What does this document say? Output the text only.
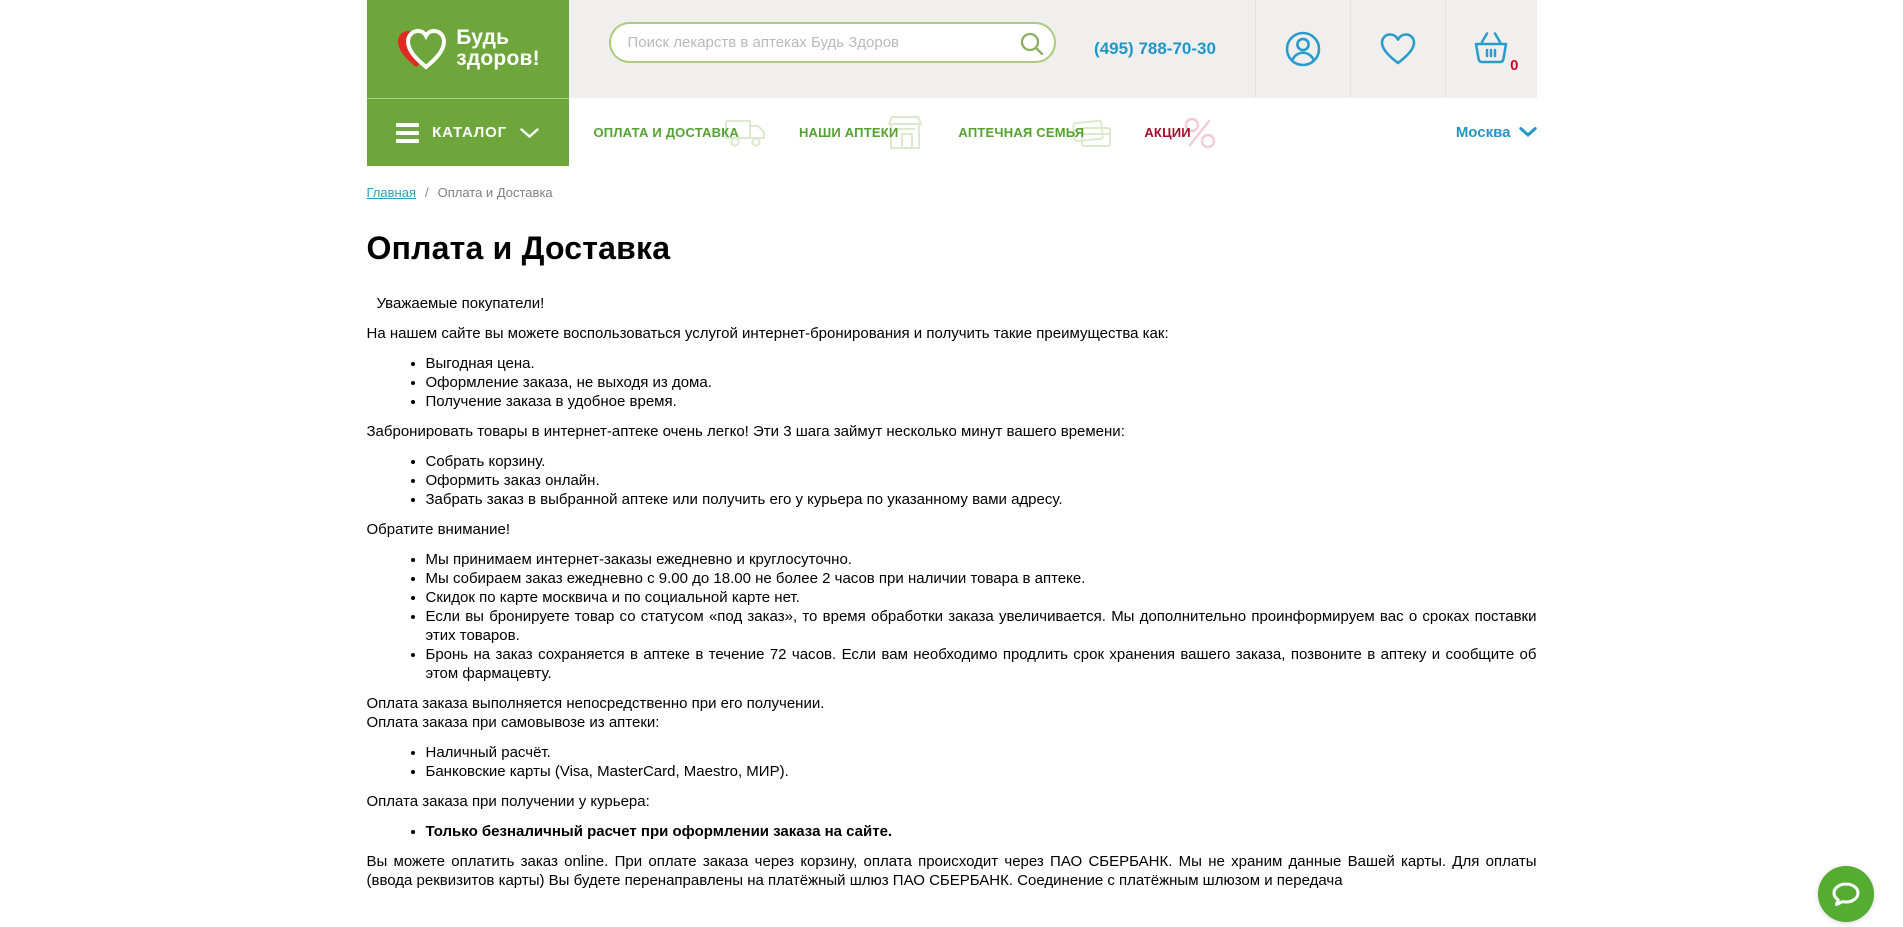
Будь
здоров!
Поиск лекарств в аптеках Будь Здоров	(495) 788-70-30
0
КАТАЛОГ	ОПЛАТА И ДОСТАВКА	НАШИ АПТЕКИ	АПТЕЧНАЯ СЕМЬЯ	АКЦИИ	Москва
Главная / Оплата и Доставка
Оплата и Доставка

Уважаемые покупатели!

На нашем сайте вы можете воспользоваться услугой интернет-бронирования и получить такие преимущества как:

• Выгодная цена.
• Оформление заказа, не выходя из дома.
• Получение заказа в удобное время.

Забронировать товары в интернет-аптеке очень легко! Эти 3 шага займут несколько минут вашего времени:

• Собрать корзину.
• Оформить заказ онлайн.
• Забрать заказ в выбранной аптеке или получить его у курьера по указанному вами адресу.

Обратите внимание!

• Мы принимаем интернет-заказы ежедневно и круглосуточно.
• Мы собираем заказ ежедневно с 9.00 до 18.00 не более 2 часов при наличии товара в аптеке.
• Скидок по карте москвича и по социальной карте нет.
• Если вы бронируете товар со статусом «под заказ», то время обработки заказа увеличивается. Мы дополнительно проинформируем вас о сроках поставки этих товаров.
• Бронь на заказ сохраняется в аптеке в течение 72 часов. Если вам необходимо продлить срок хранения вашего заказа, позвоните в аптеку и сообщите об этом фармацевту.

Оплата заказа выполняется непосредственно при его получении.
Оплата заказа при самовывозе из аптеки:

• Наличный расчёт.
• Банковские карты (Visa, MasterCard, Maestro, МИР).

Оплата заказа при получении у курьера:

• Только безналичный расчет при оформлении заказа на сайте.

Вы можете оплатить заказ online. При оплате заказа через корзину, оплата происходит через ПАО СБЕРБАНК. Мы не храним данные Вашей карты. Для оплаты (ввода реквизитов карты) Вы будете перенаправлены на платёжный шлюз ПАО СБЕРБАНК. Соединение с платёжным шлюзом и передача
